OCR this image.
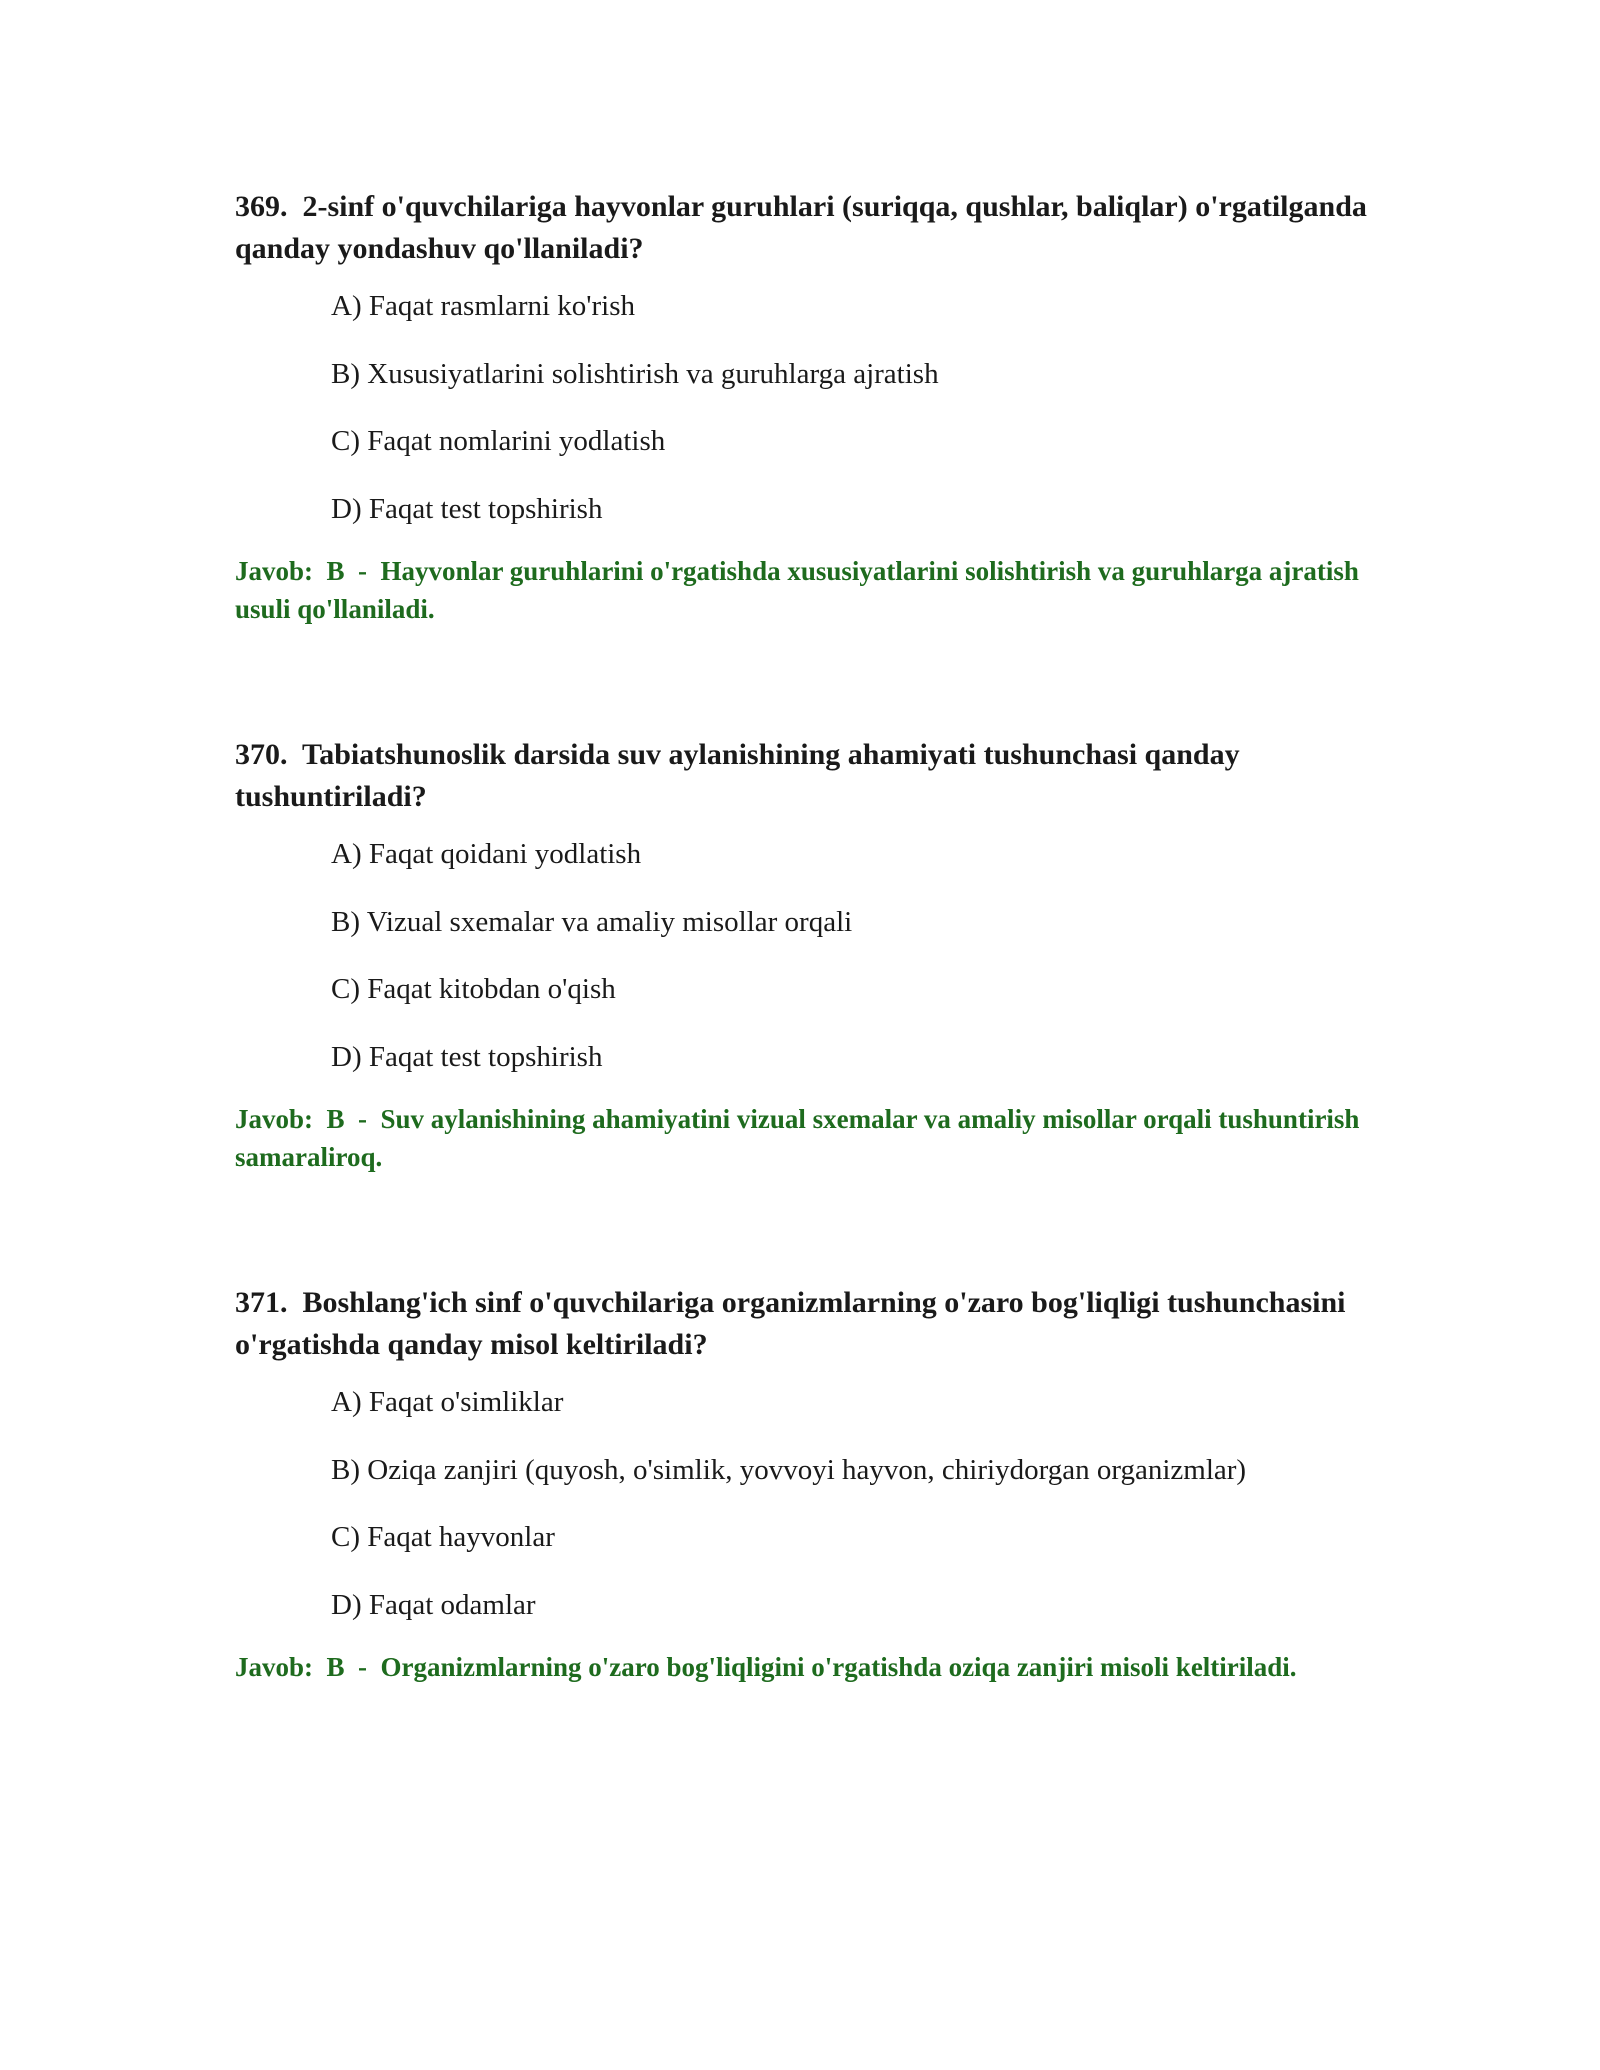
369. 2-sinf o'quvchilariga hayvonlar guruhlari (suriqqa, qushlar, baliqlar) o'rgatilganda qanday yondashuv qo'llaniladi?

A) Faqat rasmlarni ko'rish
B) Xususiyatlarini solishtirish va guruhlarga ajratish
C) Faqat nomlarini yodlatish
D) Faqat test topshirish

Javob:  B  -  Hayvonlar guruhlarini o'rgatishda xususiyatlarini solishtirish va guruhlarga ajratish usuli qo'llaniladi.

370. Tabiatshunoslik darsida suv aylanishining ahamiyati tushunchasi qanday tushuntiriladi?

A) Faqat qoidani yodlatish
B) Vizual sxemalar va amaliy misollar orqali
C) Faqat kitobdan o'qish
D) Faqat test topshirish

Javob:  B  -  Suv aylanishining ahamiyatini vizual sxemalar va amaliy misollar orqali tushuntirish samaraliroq.

371. Boshlang'ich sinf o'quvchilariga organizmlarning o'zaro bog'liqligi tushunchasini o'rgatishda qanday misol keltiriladi?

A) Faqat o'simliklar
B) Oziqa zanjiri (quyosh, o'simlik, yovvoyi hayvon, chiriydorgan organizmlar)
C) Faqat hayvonlar
D) Faqat odamlar

Javob:  B  -  Organizmlarning o'zaro bog'liqligini o'rgatishda oziqa zanjiri misoli keltiriladi.
